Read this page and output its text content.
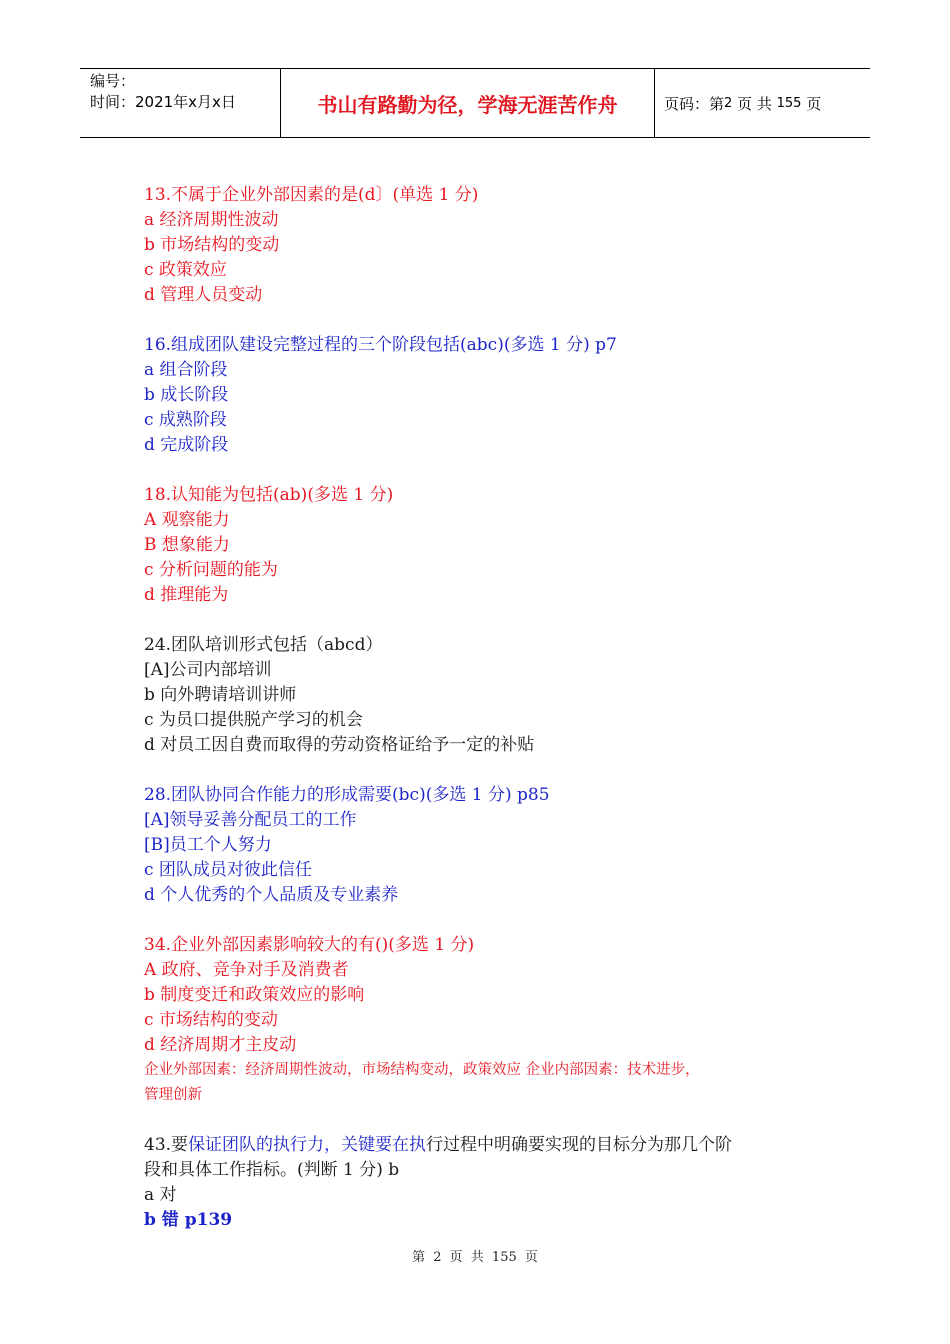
编号：
时间：2021年x月x日	书山有路勤为径，学海无涯苦作舟	页码：第 2
页 共
155
页
13.不属于企业外部因素的是(d〕(单选 1 分)
a 经济周期性波动
b 市场结构的变动
c 政策效应
d 管理人员变动
16.组成团队建设完整过程的三个阶段包括(abc)(多选 1 分) p7
a 组合阶段
b 成长阶段
c 成熟阶段
d 完成阶段
18.认知能为包括(ab)(多选 1 分)
A 观察能力
B 想象能力
c 分析问题的能为
d 推理能为
24.团队培训形式包括（abcd）
[A]公司内部培训
b 向外聘请培训讲师
c 为员口提供脱产学习的机会
d 对员工因自费而取得的劳动资格证给予一定的补贴
28.团队协同合作能力的形成需要(bc)(多选 1 分) p85
[A]领导妥善分配员工的工作
[B]员工个人努力
c 团队成员对彼此信任
d 个人优秀的个人品质及专业素养
34.企业外部因素影响较大的有()(多选 1 分)
A 政府、竞争对手及消费者
b 制度变迁和政策效应的影响
c 市场结构的变动
d 经济周期才主皮动
企业外部因素：经济周期性波动，市场结构变动，政策效应 企业内部因素：技术进步，
管理创新
43.要保证团队的执行力，关键要在执行过程中明确要实现的目标分为那几个阶
段和具体工作指标。(判断 1 分) b
a 对
b 错 p139
第 2 页 共 155 页
